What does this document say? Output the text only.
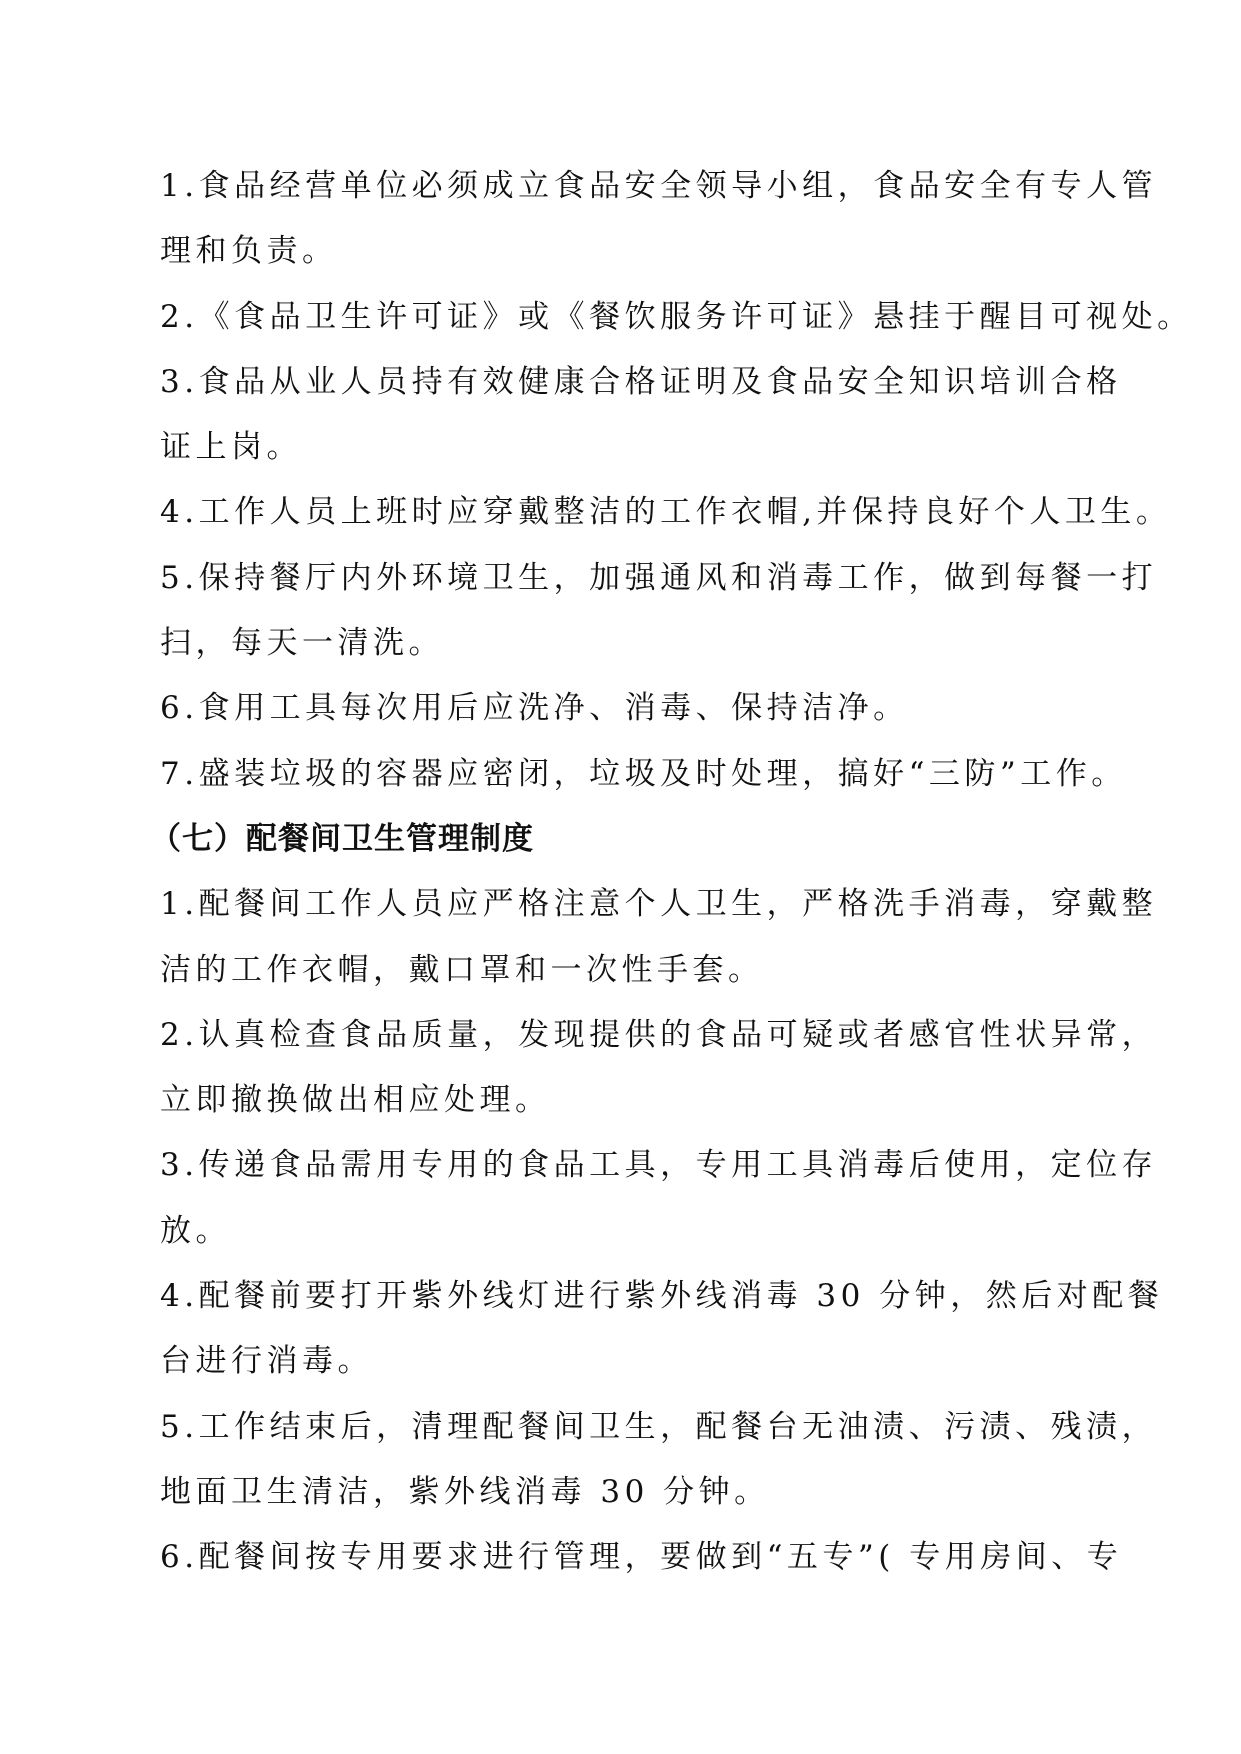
1.食品经营单位必须成立食品安全领导小组，食品安全有专人管
理和负责。
2.《食品卫生许可证》或《餐饮服务许可证》悬挂于醒目可视处。
3.食品从业人员持有效健康合格证明及食品安全知识培训合格
证上岗。
4.工作人员上班时应穿戴整洁的工作衣帽,并保持良好个人卫生。
5.保持餐厅内外环境卫生，加强通风和消毒工作，做到每餐一打
扫，每天一清洗。
6.食用工具每次用后应洗净、消毒、保持洁净。
7.盛装垃圾的容器应密闭，垃圾及时处理，搞好“三防”工作。
（七）配餐间卫生管理制度
1.配餐间工作人员应严格注意个人卫生，严格洗手消毒，穿戴整
洁的工作衣帽，戴口罩和一次性手套。
2.认真检查食品质量，发现提供的食品可疑或者感官性状异常，
立即撤换做出相应处理。
3.传递食品需用专用的食品工具，专用工具消毒后使用，定位存
放。
4.配餐前要打开紫外线灯进行紫外线消毒 30 分钟，然后对配餐
台进行消毒。
5.工作结束后，清理配餐间卫生，配餐台无油渍、污渍、残渍，
地面卫生清洁，紫外线消毒 30 分钟。
6.配餐间按专用要求进行管理，要做到“五专”( 专用房间、专
